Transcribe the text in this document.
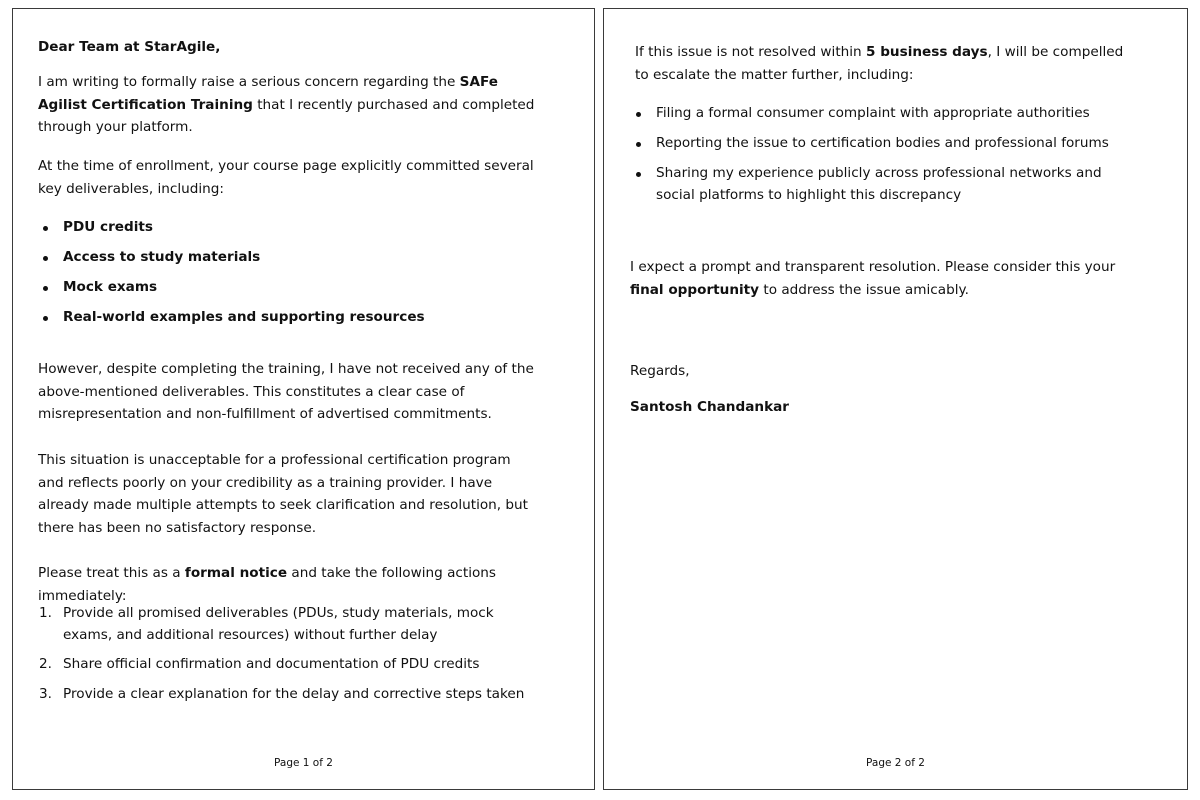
Dear Team at StarAgile,

I am writing to formally raise a serious concern regarding the SAFe Agilist Certification Training that I recently purchased and completed through your platform.

At the time of enrollment, your course page explicitly committed several key deliverables, including:

PDU credits
Access to study materials
Mock exams
Real-world examples and supporting resources

However, despite completing the training, I have not received any of the above-mentioned deliverables. This constitutes a clear case of misrepresentation and non-fulfillment of advertised commitments.

This situation is unacceptable for a professional certification program and reflects poorly on your credibility as a training provider. I have already made multiple attempts to seek clarification and resolution, but there has been no satisfactory response.

Please treat this as a formal notice and take the following actions immediately:

1. Provide all promised deliverables (PDUs, study materials, mock exams, and additional resources) without further delay
2. Share official confirmation and documentation of PDU credits
3. Provide a clear explanation for the delay and corrective steps taken
Page 1 of 2

If this issue is not resolved within 5 business days, I will be compelled to escalate the matter further, including:

Filing a formal consumer complaint with appropriate authorities
Reporting the issue to certification bodies and professional forums
Sharing my experience publicly across professional networks and social platforms to highlight this discrepancy

I expect a prompt and transparent resolution. Please consider this your final opportunity to address the issue amicably.

Regards,

Santosh Chandankar

Page 2 of 2
